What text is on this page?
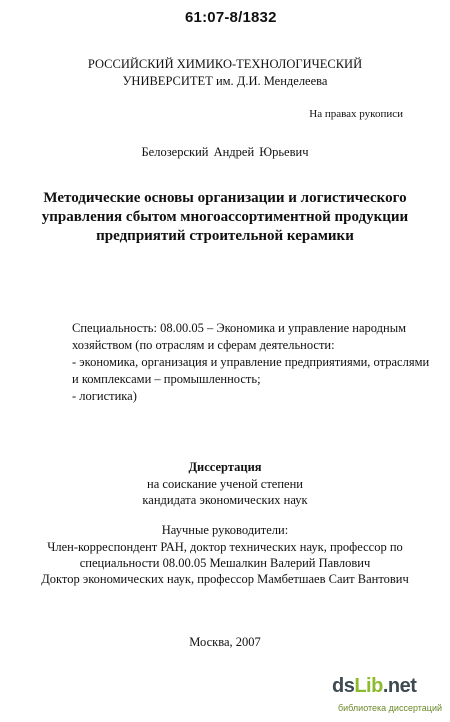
61:07-8/1832
РОССИЙСКИЙ ХИМИКО-ТЕХНОЛОГИЧЕСКИЙ
УНИВЕРСИТЕТ им. Д.И. Менделеева
На правах рукописи
Белозерский Андрей Юрьевич
Методические основы организации и логистического
управления сбытом многоассортиментной продукции
предприятий строительной керамики
Специальность: 08.00.05 – Экономика и управление народным
хозяйством (по отраслям и сферам деятельности:
- экономика, организация и управление предприятиями, отраслями
и комплексами – промышленность;
- логистика)
Диссертация
на соискание ученой степени
кандидата экономических наук
Научные руководители:
Член-корреспондент РАН, доктор технических наук, профессор по
специальности 08.00.05 Мешалкин Валерий Павлович
Доктор экономических наук, профессор Мамбетшаев Саит Вантович
Москва, 2007
dsLib.net
библиотека диссертаций
